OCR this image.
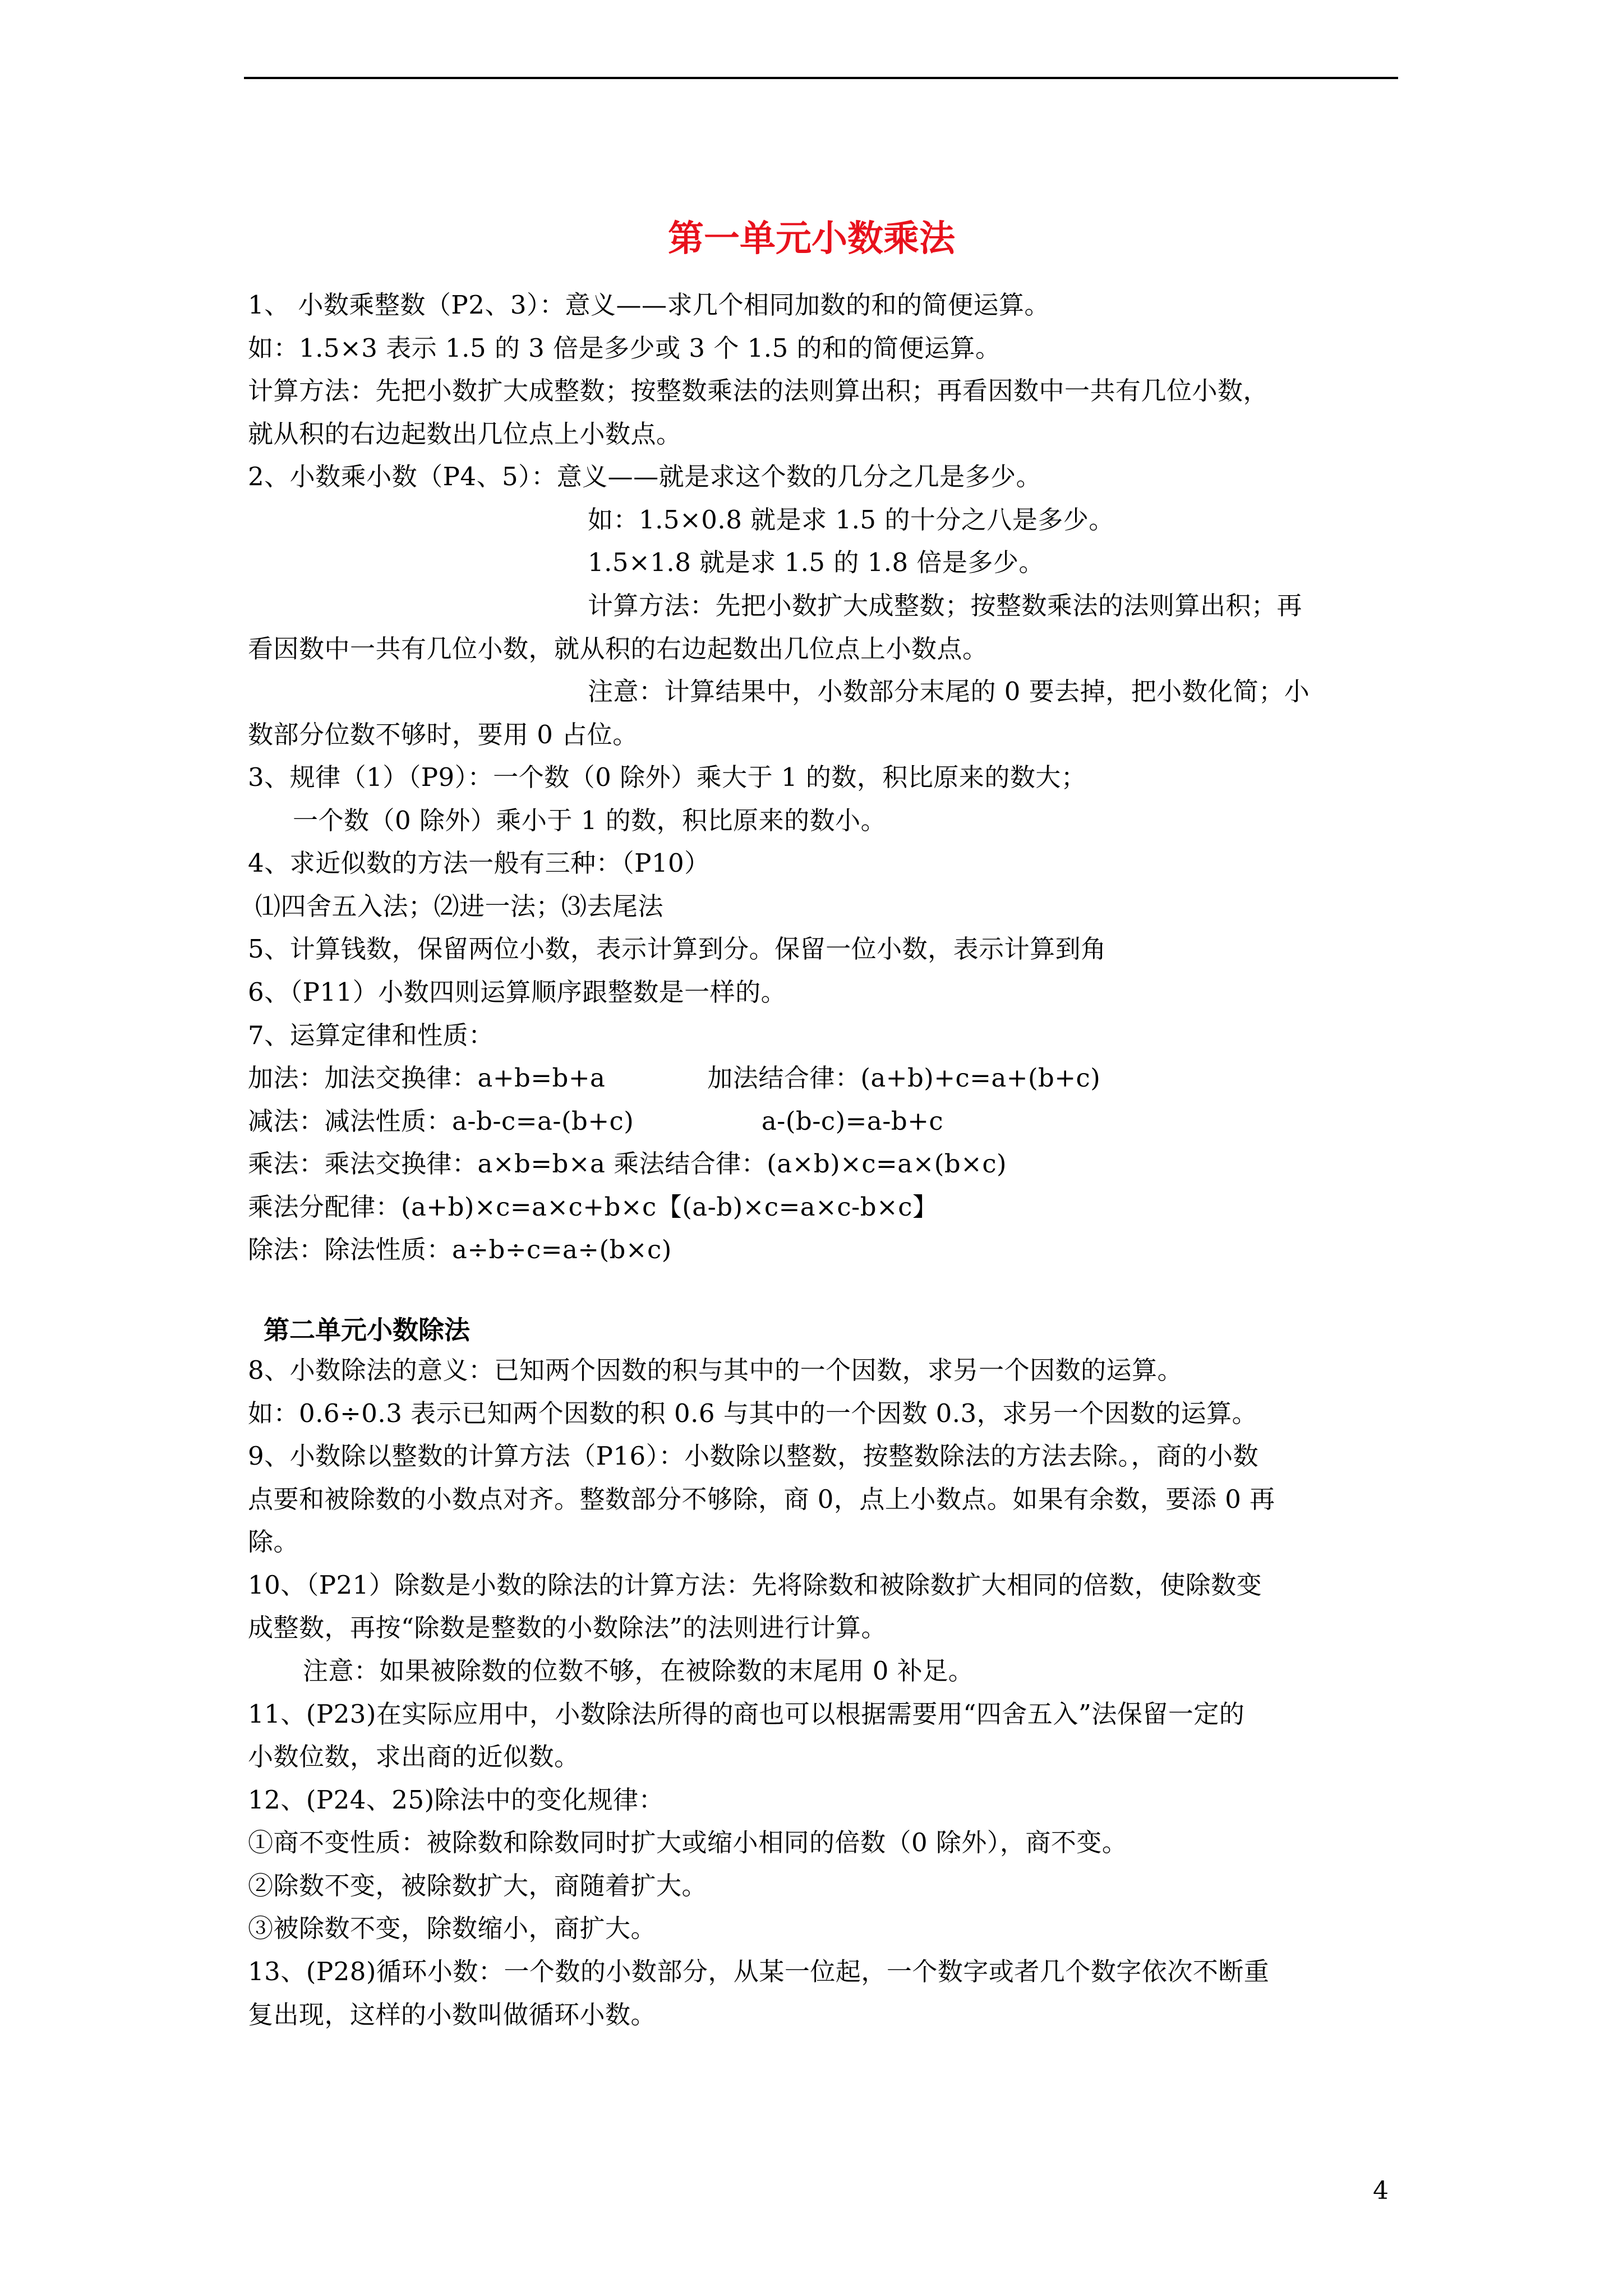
第一单元小数乘法
1、 小数乘整数（P2、3）：意义——求几个相同加数的和的简便运算。
如：1.5×3 表示 1.5 的 3 倍是多少或 3 个 1.5 的和的简便运算。
计算方法：先把小数扩大成整数；按整数乘法的法则算出积；再看因数中一共有几位小数，
就从积的右边起数出几位点上小数点。
2、小数乘小数（P4、5）：意义——就是求这个数的几分之几是多少。
如：1.5×0.8 就是求 1.5 的十分之八是多少。
1.5×1.8 就是求 1.5 的 1.8 倍是多少。
计算方法：先把小数扩大成整数；按整数乘法的法则算出积；再
看因数中一共有几位小数，就从积的右边起数出几位点上小数点。
注意：计算结果中，小数部分末尾的 0 要去掉，把小数化简；小
数部分位数不够时，要用 0 占位。
3、规律（1）（P9）：一个数（0 除外）乘大于 1 的数，积比原来的数大；
一个数（0 除外）乘小于 1 的数，积比原来的数小。
4、求近似数的方法一般有三种：（P10）
⑴四舍五入法；⑵进一法；⑶去尾法
5、计算钱数，保留两位小数，表示计算到分。保留一位小数，表示计算到角
6、（P11）小数四则运算顺序跟整数是一样的。
7、运算定律和性质：
加法：加法交换律：a+b=b+a　　　　加法结合律：(a+b)+c=a+(b+c)
减法：减法性质：a-b-c=a-(b+c)　　　　　a-(b-c)=a-b+c
乘法：乘法交换律：a×b=b×a 乘法结合律：(a×b)×c=a×(b×c)
乘法分配律：(a+b)×c=a×c+b×c【(a-b)×c=a×c-b×c】
除法：除法性质：a÷b÷c=a÷(b×c)
第二单元小数除法
8、小数除法的意义：已知两个因数的积与其中的一个因数，求另一个因数的运算。
如：0.6÷0.3 表示已知两个因数的积 0.6 与其中的一个因数 0.3，求另一个因数的运算。
9、小数除以整数的计算方法（P16）：小数除以整数，按整数除法的方法去除。，商的小数
点要和被除数的小数点对齐。整数部分不够除，商 0，点上小数点。如果有余数，要添 0 再
除。
10、（P21）除数是小数的除法的计算方法：先将除数和被除数扩大相同的倍数，使除数变
成整数，再按“除数是整数的小数除法”的法则进行计算。
注意：如果被除数的位数不够，在被除数的末尾用 0 补足。
11、(P23)在实际应用中，小数除法所得的商也可以根据需要用“四舍五入”法保留一定的
小数位数，求出商的近似数。
12、(P24、25)除法中的变化规律：
①商不变性质：被除数和除数同时扩大或缩小相同的倍数（0 除外），商不变。
②除数不变，被除数扩大，商随着扩大。
③被除数不变，除数缩小，商扩大。
13、(P28)循环小数：一个数的小数部分，从某一位起，一个数字或者几个数字依次不断重
复出现，这样的小数叫做循环小数。
4
